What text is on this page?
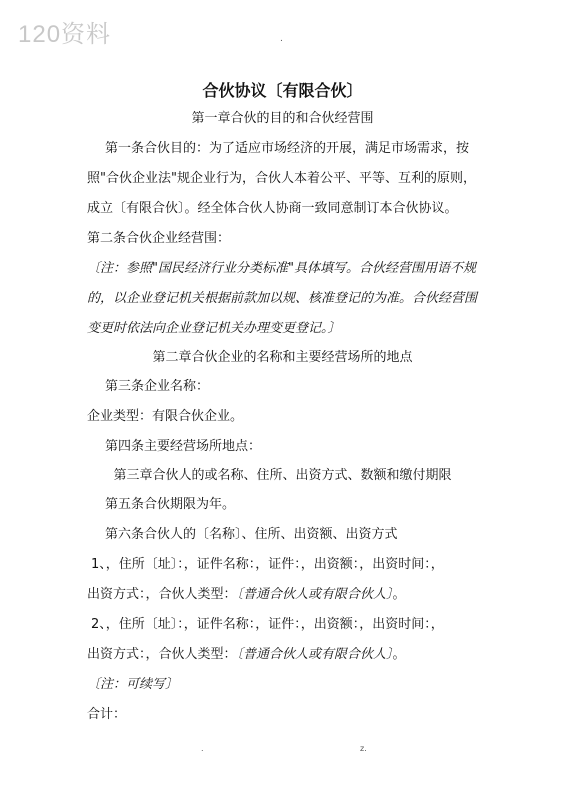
120资料	.
合伙协议〔有限合伙〕
第一章合伙的目的和合伙经营围
第一条合伙目的：为了适应市场经济的开展，满足市场需求，按
照"合伙企业法"规企业行为，合伙人本着公平、平等、互利的原则，
成立〔有限合伙〕。经全体合伙人协商一致同意制订本合伙协议。
第二条合伙企业经营围：
〔注：参照"国民经济行业分类标准"具体填写。合伙经营围用语不规
的，以企业登记机关根据前款加以规、核准登记的为准。合伙经营围
变更时依法向企业登记机关办理变更登记。〕
第二章合伙企业的名称和主要经营场所的地点
第三条企业名称：
企业类型：有限合伙企业。
第四条主要经营场所地点：
第三章合伙人的或名称、住所、出资方式、数额和缴付期限
第五条合伙期限为年。
第六条合伙人的〔名称〕、住所、出资额、出资方式
1、，住所〔址〕：，证件名称：，证件：，出资额：，出资时间：，
出资方式：，合伙人类型：〔普通合伙人或有限合伙人〕。
2、，住所〔址〕：，证件名称：，证件：，出资额：，出资时间：，
出资方式：，合伙人类型：〔普通合伙人或有限合伙人〕。
〔注：可续写〕
合计：
.	z.
